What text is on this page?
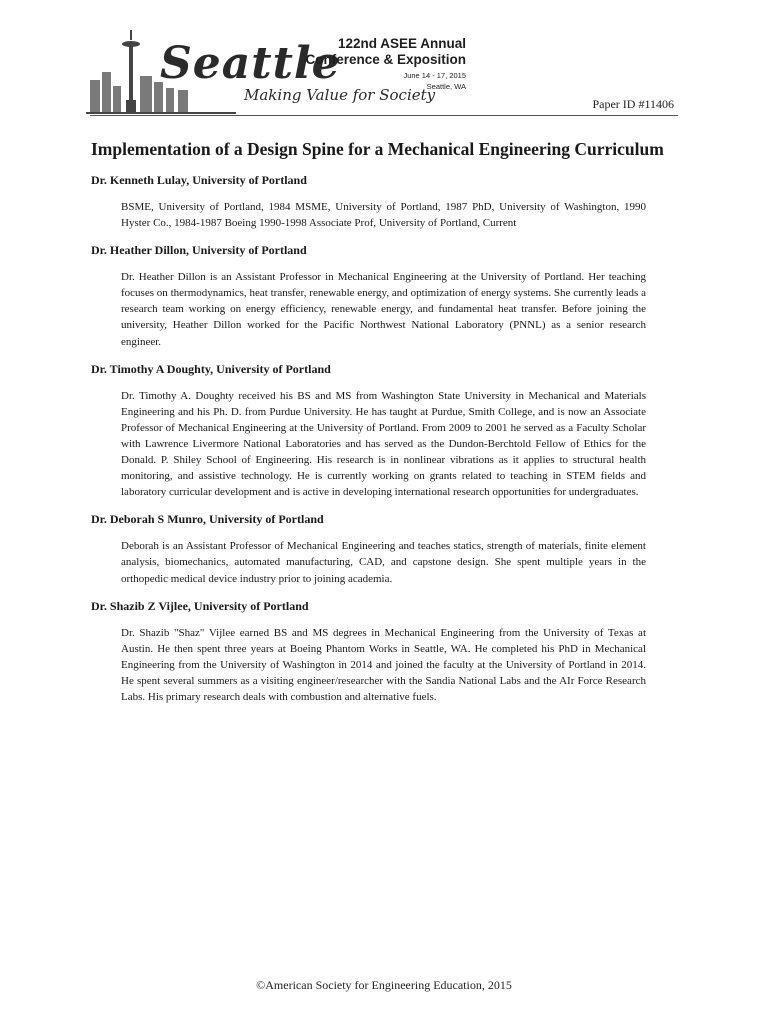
Seattle
Making Value for Society
122nd ASEE Annual
Conference & Exposition
June 14 - 17, 2015
Seattle, WA
Paper ID #11406
Implementation of a Design Spine for a Mechanical Engineering Curriculum
Dr. Kenneth Lulay, University of Portland

BSME, University of Portland, 1984 MSME, University of Portland, 1987 PhD, University of Washington, 1990 Hyster Co., 1984-1987 Boeing 1990-1998 Associate Prof, University of Portland, Current

Dr. Heather Dillon, University of Portland

Dr. Heather Dillon is an Assistant Professor in Mechanical Engineering at the University of Portland. Her teaching focuses on thermodynamics, heat transfer, renewable energy, and optimization of energy systems. She currently leads a research team working on energy efficiency, renewable energy, and fundamental heat transfer. Before joining the university, Heather Dillon worked for the Pacific Northwest National Laboratory (PNNL) as a senior research engineer.

Dr. Timothy A Doughty, University of Portland

Dr. Timothy A. Doughty received his BS and MS from Washington State University in Mechanical and Materials Engineering and his Ph. D. from Purdue University. He has taught at Purdue, Smith College, and is now an Associate Professor of Mechanical Engineering at the University of Portland. From 2009 to 2001 he served as a Faculty Scholar with Lawrence Livermore National Laboratories and has served as the Dundon-Berchtold Fellow of Ethics for the Donald. P. Shiley School of Engineering. His research is in nonlinear vibrations as it applies to structural health monitoring, and assistive technology. He is currently working on grants related to teaching in STEM fields and laboratory curricular development and is active in developing international research opportunities for undergraduates.

Dr. Deborah S Munro, University of Portland

Deborah is an Assistant Professor of Mechanical Engineering and teaches statics, strength of materials, finite element analysis, biomechanics, automated manufacturing, CAD, and capstone design. She spent multiple years in the orthopedic medical device industry prior to joining academia.

Dr. Shazib Z Vijlee, University of Portland

Dr. Shazib "Shaz" Vijlee earned BS and MS degrees in Mechanical Engineering from the University of Texas at Austin. He then spent three years at Boeing Phantom Works in Seattle, WA. He completed his PhD in Mechanical Engineering from the University of Washington in 2014 and joined the faculty at the University of Portland in 2014. He spent several summers as a visiting engineer/researcher with the Sandia National Labs and the AIr Force Research Labs. His primary research deals with combustion and alternative fuels.

©American Society for Engineering Education, 2015
